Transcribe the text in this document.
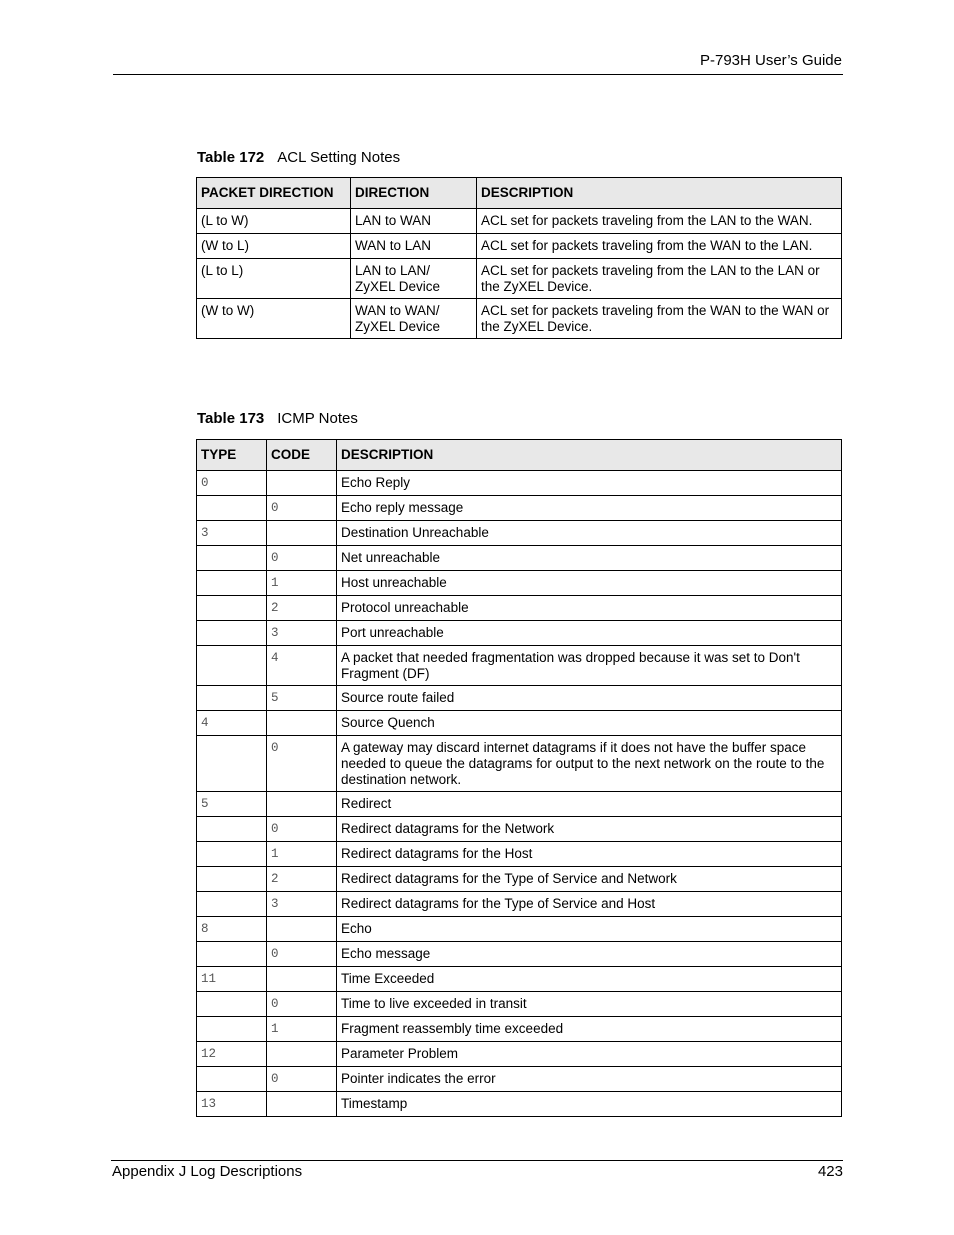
P-793H User’s Guide
Table 172 ACL Setting Notes
PACKET DIRECTION	DIRECTION	DESCRIPTION
(L to W)	LAN to WAN	ACL set for packets traveling from the LAN to the WAN.
(W to L)	WAN to LAN	ACL set for packets traveling from the WAN to the LAN.
(L to L)	LAN to LAN/ ZyXEL Device	ACL set for packets traveling from the LAN to the LAN or the ZyXEL Device.
(W to W)	WAN to WAN/ ZyXEL Device	ACL set for packets traveling from the WAN to the WAN or the ZyXEL Device.
Table 173 ICMP Notes
TYPE	CODE	DESCRIPTION
0		Echo Reply
	0	Echo reply message
3		Destination Unreachable
	0	Net unreachable
	1	Host unreachable
	2	Protocol unreachable
	3	Port unreachable
	4	A packet that needed fragmentation was dropped because it was set to Don't Fragment (DF)
	5	Source route failed
4		Source Quench
	0	A gateway may discard internet datagrams if it does not have the buffer space needed to queue the datagrams for output to the next network on the route to the destination network.
5		Redirect
	0	Redirect datagrams for the Network
	1	Redirect datagrams for the Host
	2	Redirect datagrams for the Type of Service and Network
	3	Redirect datagrams for the Type of Service and Host
8		Echo
	0	Echo message
11		Time Exceeded
	0	Time to live exceeded in transit
	1	Fragment reassembly time exceeded
12		Parameter Problem
	0	Pointer indicates the error
13		Timestamp
Appendix J Log Descriptions	423
